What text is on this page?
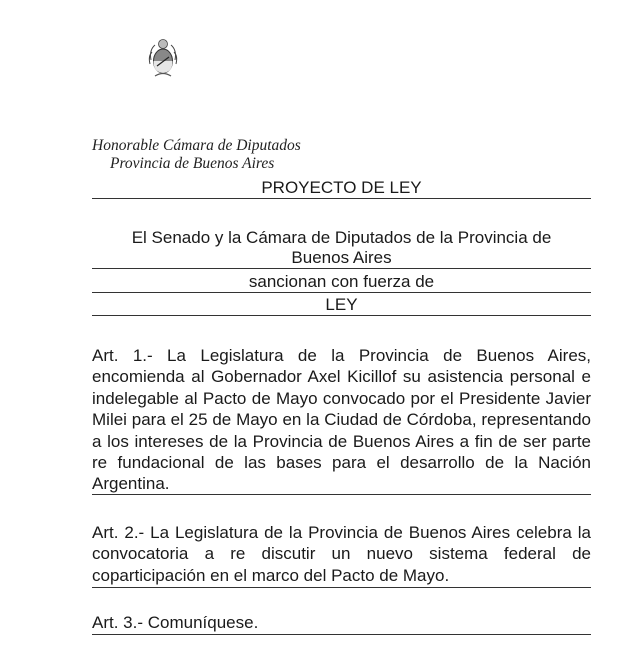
Honorable Cámara de Diputados
Provincia de Buenos Aires
PROYECTO DE LEY
El Senado y la Cámara de Diputados de la Provincia de
Buenos Aires
sancionan con fuerza de
LEY
Art. 1.- La Legislatura de la Provincia de Buenos Aires, encomienda al Gobernador Axel Kicillof su asistencia personal e indelegable al Pacto de Mayo convocado por el Presidente Javier Milei para el 25 de Mayo en la Ciudad de Córdoba, representando a los intereses de la Provincia de Buenos Aires a fin de ser parte re fundacional de las bases para el desarrollo de la Nación Argentina.
Art. 2.- La Legislatura de la Provincia de Buenos Aires celebra la convocatoria a re discutir un nuevo sistema federal de coparticipación en el marco del Pacto de Mayo.
Art. 3.- Comuníquese.
